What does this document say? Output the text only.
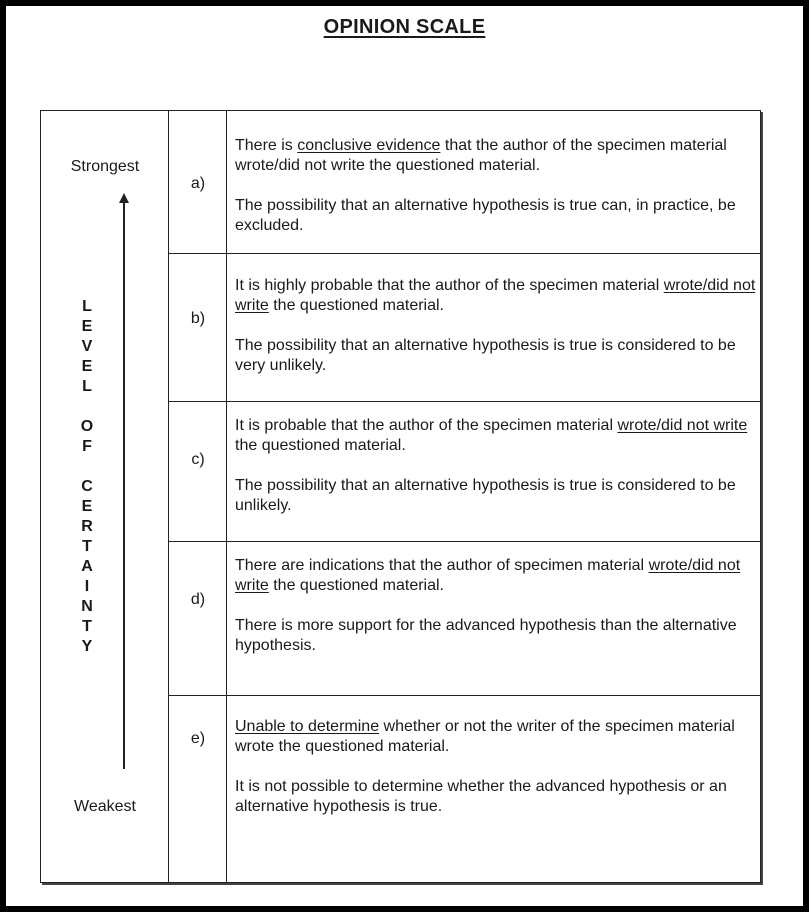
OPINION SCALE
Strongest
L
E
V
E
L
O
F
C
E
R
T
A
I
N
T
Y
Weakest
a)

There is conclusive evidence that the author of the specimen material wrote/did not write the questioned material.

The possibility that an alternative hypothesis is true can, in practice, be excluded.

b)

It is highly probable that the author of the specimen material wrote/did not write the questioned material.

The possibility that an alternative hypothesis is true is considered to be very unlikely.

c)

It is probable that the author of the specimen material wrote/did not write the questioned material.

The possibility that an alternative hypothesis is true is considered to be unlikely.

d)

There are indications that the author of specimen material wrote/did not write the questioned material.

There is more support for the advanced hypothesis than the alternative hypothesis.

e)

Unable to determine whether or not the writer of the specimen material wrote the questioned material.

It is not possible to determine whether the advanced hypothesis or an alternative hypothesis is true.
